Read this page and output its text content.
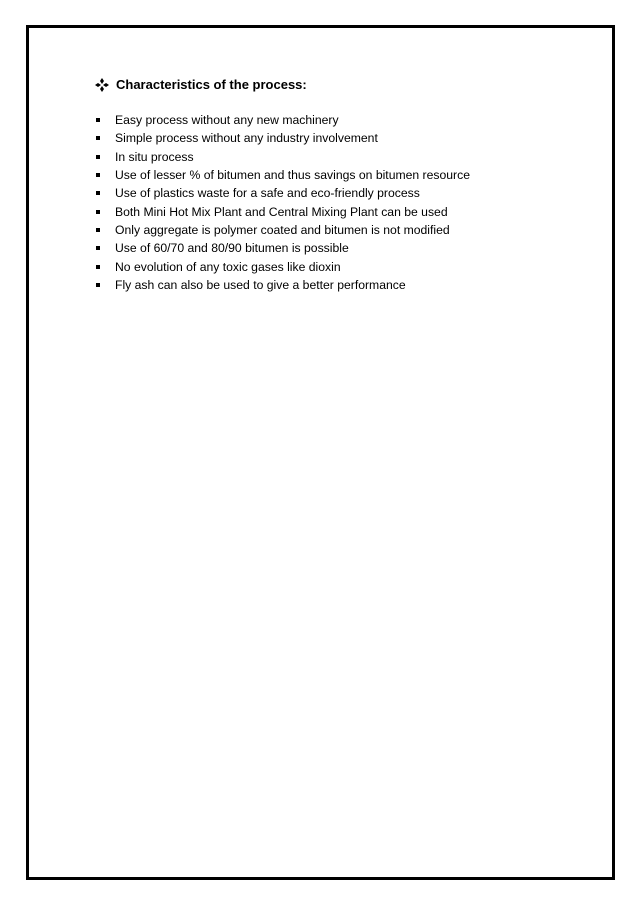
Characteristics of the process:
Easy process without any new machinery
Simple process without any industry involvement
In situ process
Use of lesser % of bitumen and thus savings on bitumen resource
Use of plastics waste for a safe and eco-friendly process
Both Mini Hot Mix Plant and Central Mixing Plant can be used
Only aggregate is polymer coated and bitumen is not modified
Use of 60/70 and 80/90 bitumen is possible
No evolution of any toxic gases like dioxin
Fly ash can also be used to give a better performance
